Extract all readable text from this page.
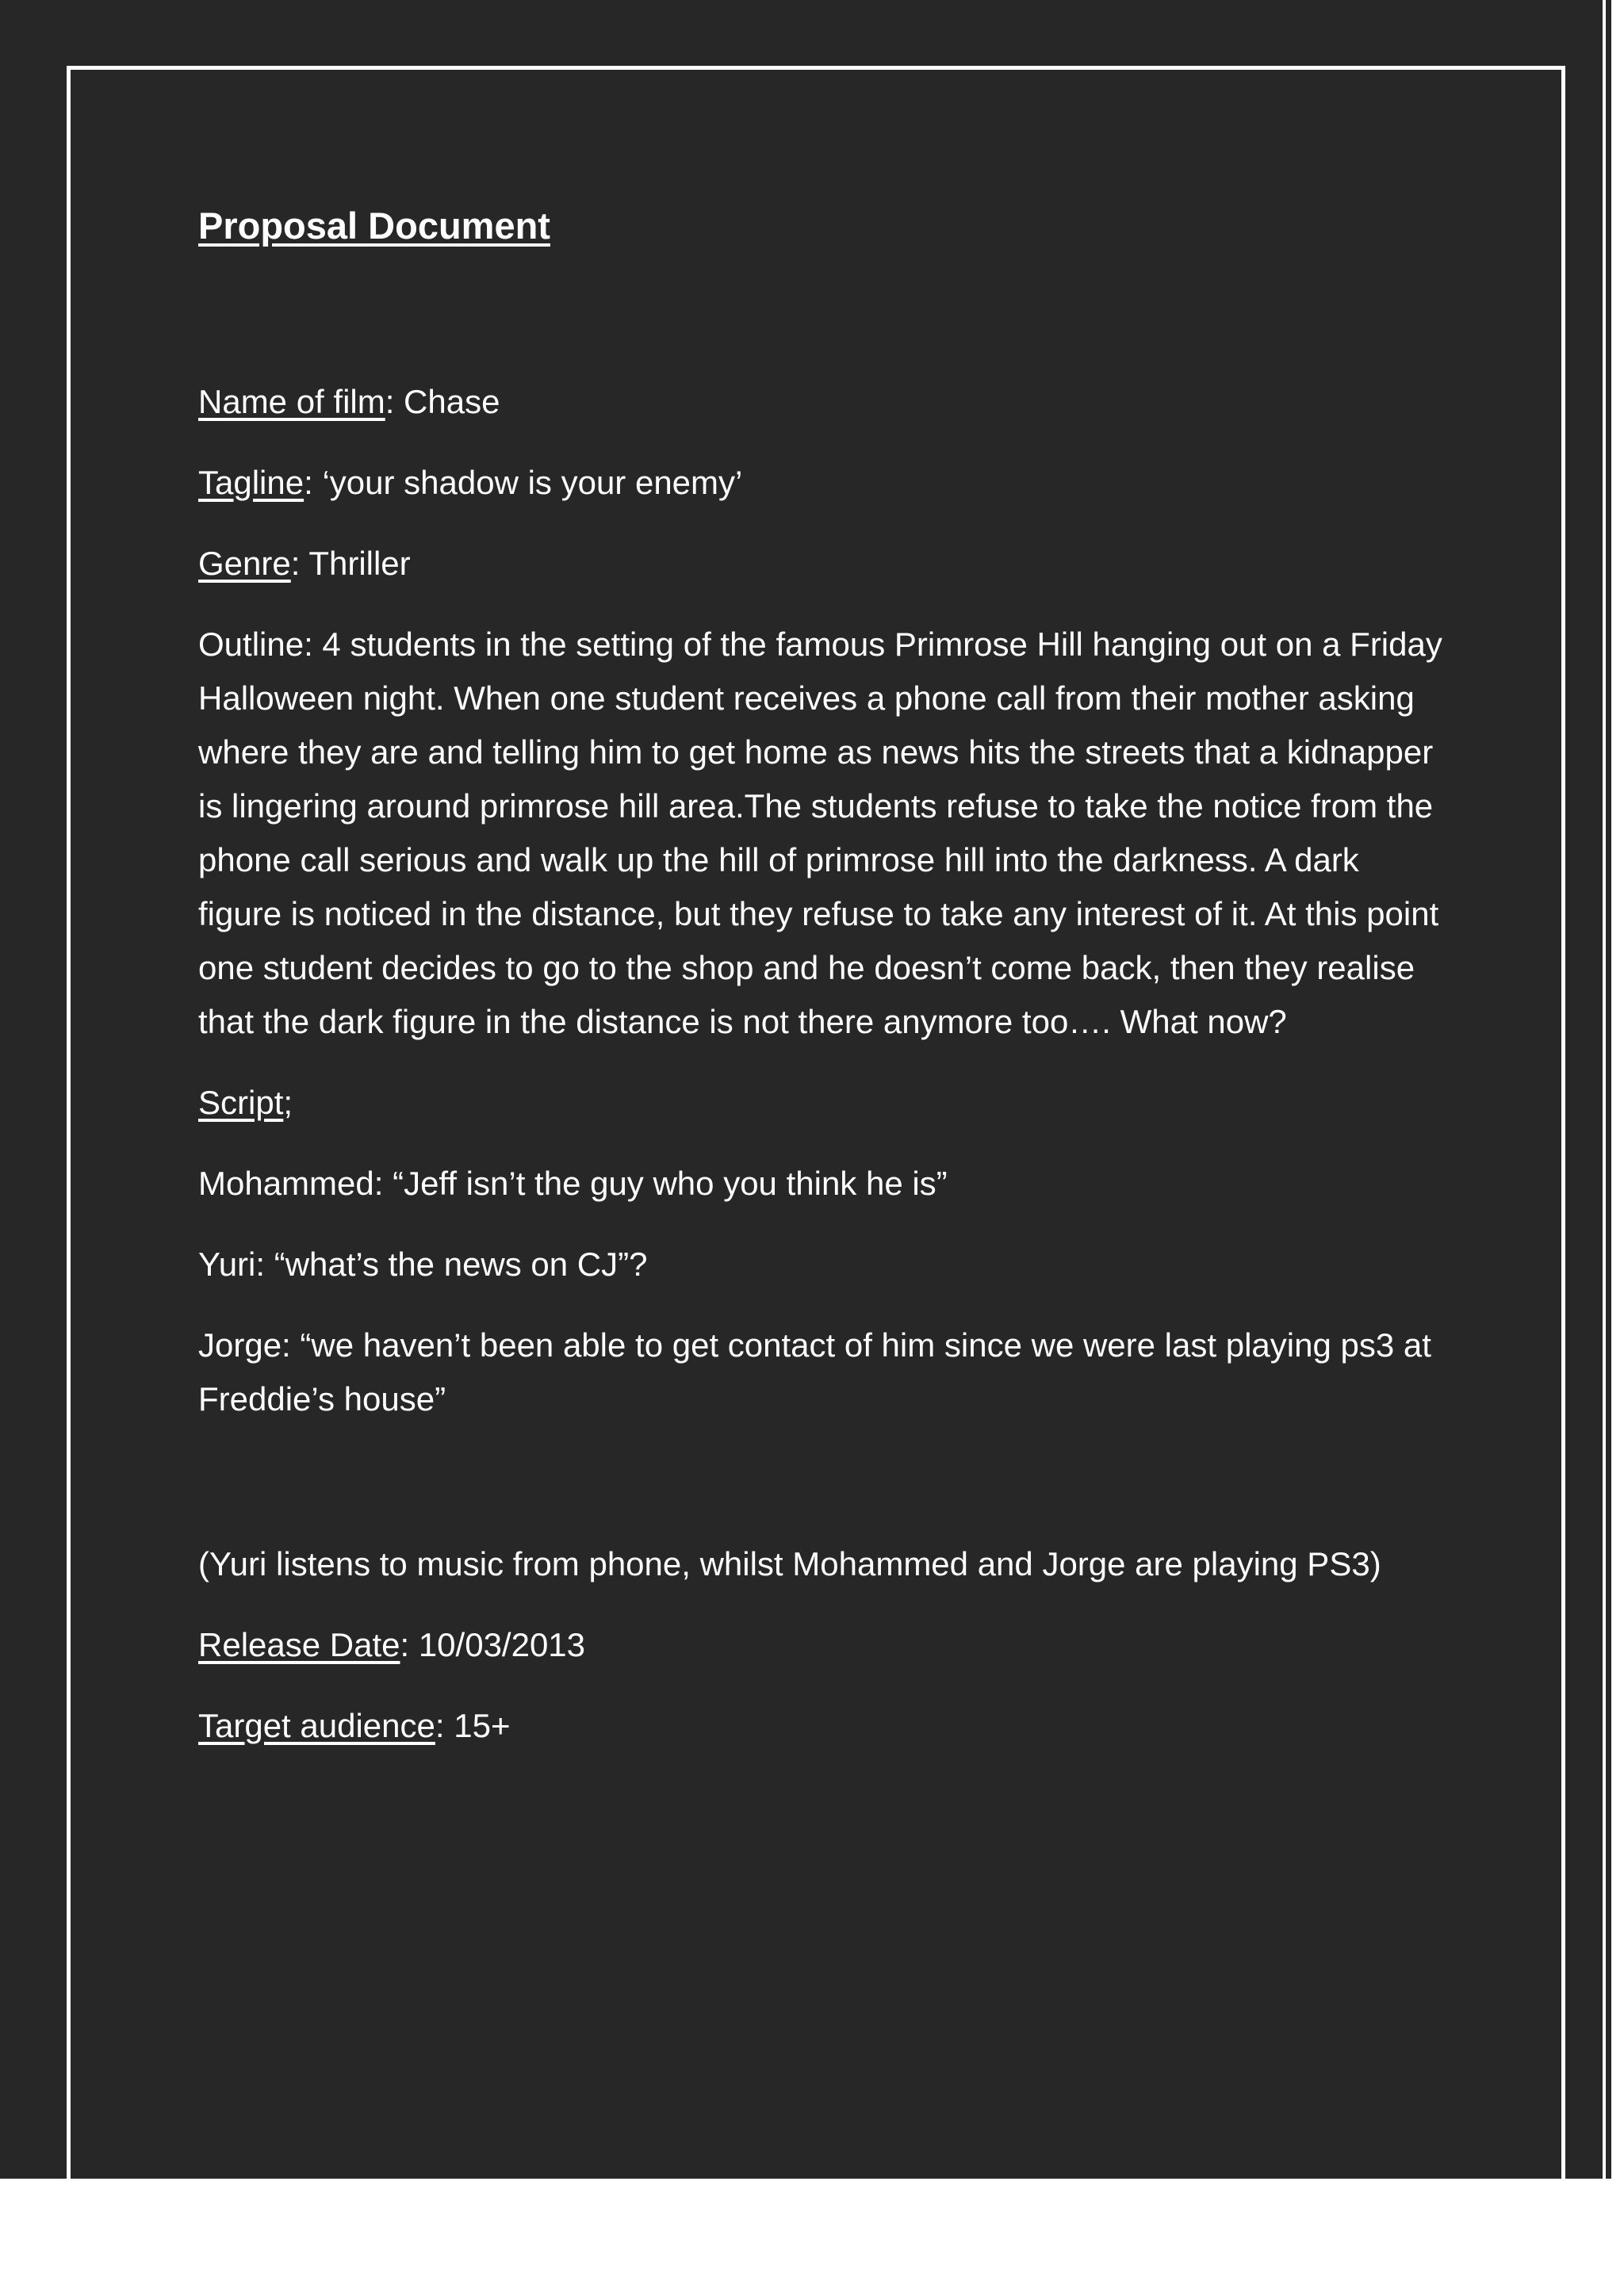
Proposal Document

Name of film: Chase

Tagline: ‘your shadow is your enemy’

Genre: Thriller

Outline: 4 students in the setting of the famous Primrose Hill hanging out on a Friday Halloween night. When one student receives a phone call from their mother asking where they are and telling him to get home as news hits the streets that a kidnapper is lingering around primrose hill area.The students refuse to take the notice from the phone call serious and walk up the hill of primrose hill into the darkness. A dark figure is noticed in the distance, but they refuse to take any interest of it. At this point one student decides to go to the shop and he doesn’t come back, then they realise that the dark figure in the distance is not there anymore too…. What now?

Script;

Mohammed: “Jeff isn’t the guy who you think he is”

Yuri: “what’s the news on CJ”?

Jorge: “we haven’t been able to get contact of him since we were last playing ps3 at Freddie’s house”

(Yuri listens to music from phone, whilst Mohammed and Jorge are playing PS3)

Release Date: 10/03/2013

Target audience: 15+
